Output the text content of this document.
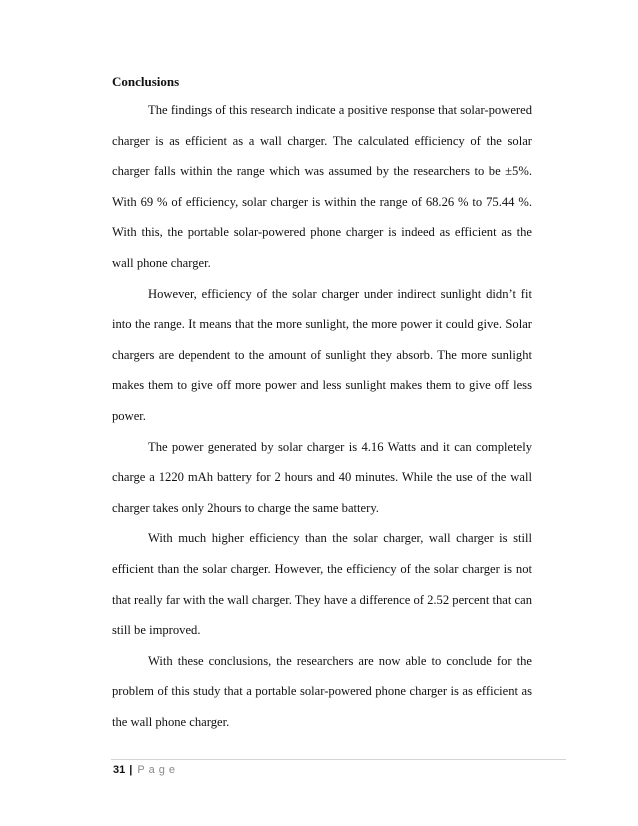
Conclusions

The findings of this research indicate a positive response that solar-powered charger is as efficient as a wall charger. The calculated efficiency of the solar charger falls within the range which was assumed by the researchers to be ±5%. With 69 % of efficiency, solar charger is within the range of 68.26 % to 75.44 %. With this, the portable solar-powered phone charger is indeed as efficient as the wall phone charger.

However, efficiency of the solar charger under indirect sunlight didn’t fit into the range. It means that the more sunlight, the more power it could give. Solar chargers are dependent to the amount of sunlight they absorb. The more sunlight makes them to give off more power and less sunlight makes them to give off less power.

The power generated by solar charger is 4.16 Watts and it can completely charge a 1220 mAh battery for 2 hours and 40 minutes. While the use of the wall charger takes only 2hours to charge the same battery.

With much higher efficiency than the solar charger, wall charger is still efficient than the solar charger. However, the efficiency of the solar charger is not that really far with the wall charger. They have a difference of 2.52 percent that can still be improved.

With these conclusions, the researchers are now able to conclude for the problem of this study that a portable solar-powered phone charger is as efficient as the wall phone charger.

31 | Page
